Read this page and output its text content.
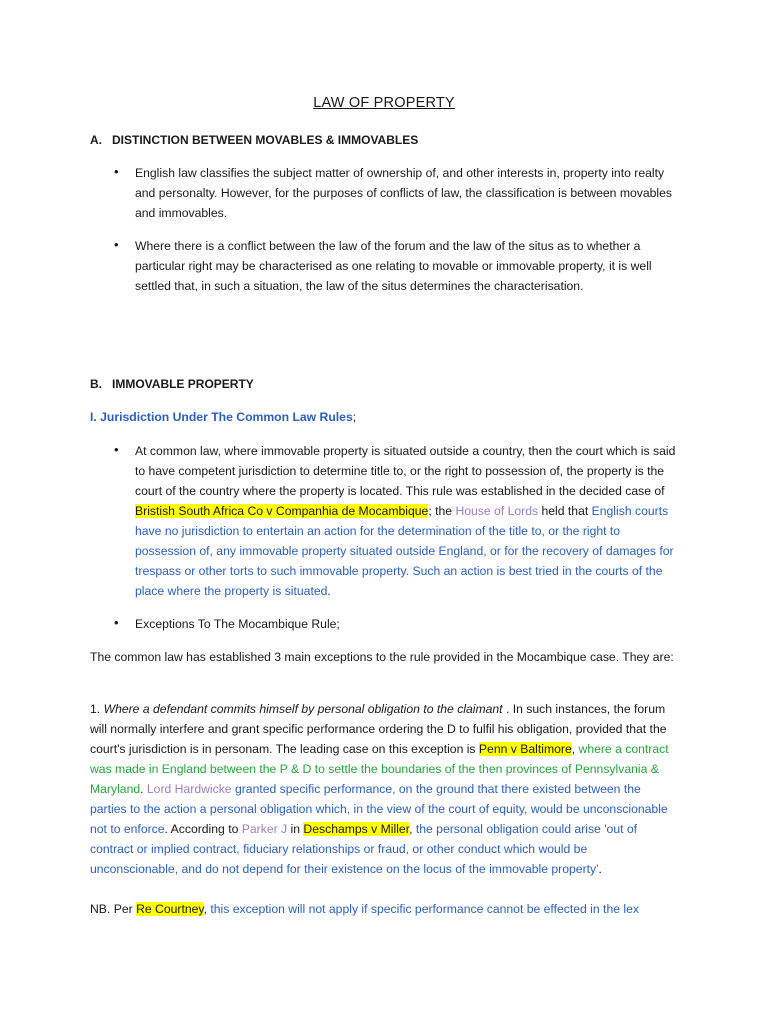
LAW OF PROPERTY
A. DISTINCTION BETWEEN MOVABLES & IMMOVABLES
• English law classifies the subject matter of ownership of, and other interests in, property into realty and personalty. However, for the purposes of conflicts of law, the classification is between movables and immovables.
• Where there is a conflict between the law of the forum and the law of the situs as to whether a particular right may be characterised as one relating to movable or immovable property, it is well settled that, in such a situation, the law of the situs determines the characterisation.
B. IMMOVABLE PROPERTY
I. Jurisdiction Under The Common Law Rules;
• At common law, where immovable property is situated outside a country, then the court which is said to have competent jurisdiction to determine title to, or the right to possession of, the property is the court of the country where the property is located. This rule was established in the decided case of Bristish South Africa Co v Companhia de Mocambique; the House of Lords held that English courts have no jurisdiction to entertain an action for the determination of the title to, or the right to possession of, any immovable property situated outside England, or for the recovery of damages for trespass or other torts to such immovable property. Such an action is best tried in the courts of the place where the property is situated.
• Exceptions To The Mocambique Rule;
The common law has established 3 main exceptions to the rule provided in the Mocambique case. They are:
1. Where a defendant commits himself by personal obligation to the claimant . In such instances, the forum will normally interfere and grant specific performance ordering the D to fulfil his obligation, provided that the court's jurisdiction is in personam. The leading case on this exception is Penn v Baltimore, where a contract was made in England between the P & D to settle the boundaries of the then provinces of Pennsylvania & Maryland. Lord Hardwicke granted specific performance, on the ground that there existed between the parties to the action a personal obligation which, in the view of the court of equity, would be unconscionable not to enforce. According to Parker J in Deschamps v Miller, the personal obligation could arise 'out of contract or implied contract, fiduciary relationships or fraud, or other conduct which would be unconscionable, and do not depend for their existence on the locus of the immovable property'.
NB. Per Re Courtney, this exception will not apply if specific performance cannot be effected in the lex
